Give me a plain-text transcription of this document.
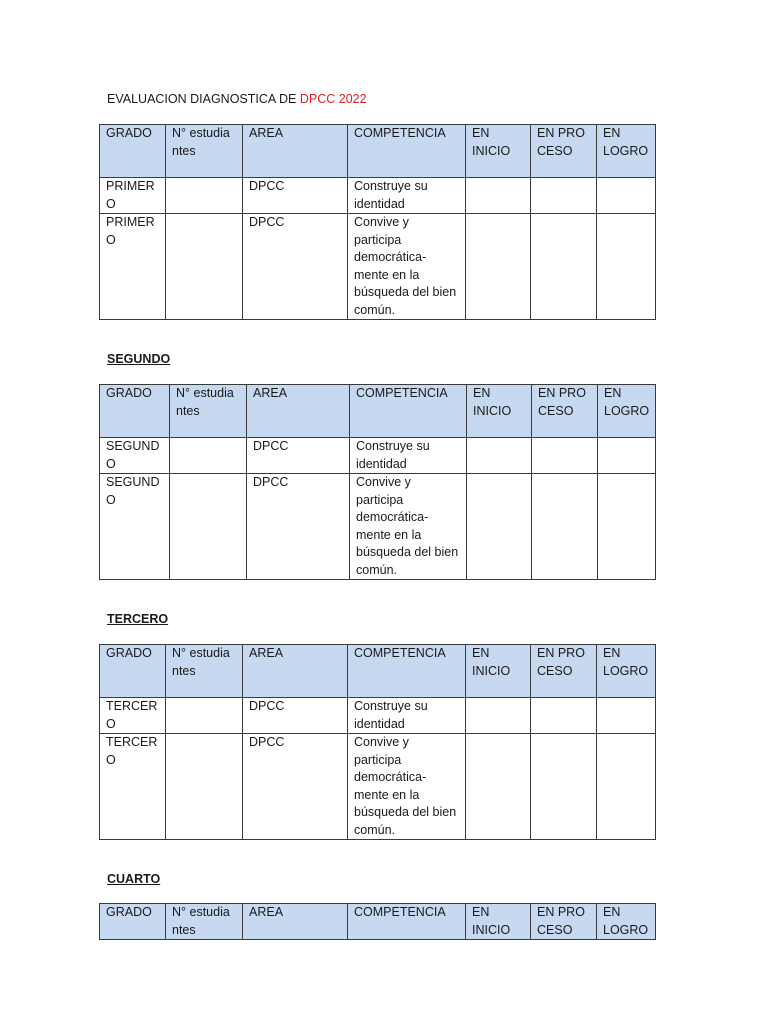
EVALUACION DIAGNOSTICA DE DPCC 2022
GRADO	N° estudiantes	AREA	COMPETENCIA	EN INICIO	EN PROCESO	EN LOGRO
PRIMERO		DPCC	Construye su identidad			
PRIMERO		DPCC	Convive y participa democrática-mente en la búsqueda del bien común.			
SEGUNDO
GRADO	N° estudiantes	AREA	COMPETENCIA	EN INICIO	EN PROCESO	EN LOGRO
SEGUNDO		DPCC	Construye su identidad			
SEGUNDO		DPCC	Convive y participa democrática-mente en la búsqueda del bien común.			
TERCERO
GRADO	N° estudiantes	AREA	COMPETENCIA	EN INICIO	EN PROCESO	EN LOGRO
TERCERO		DPCC	Construye su identidad			
TERCERO		DPCC	Convive y participa democrática-mente en la búsqueda del bien común.			
CUARTO
GRADO	N° estudiantes	AREA	COMPETENCIA	EN INICIO	EN PROCESO	EN LOGRO
